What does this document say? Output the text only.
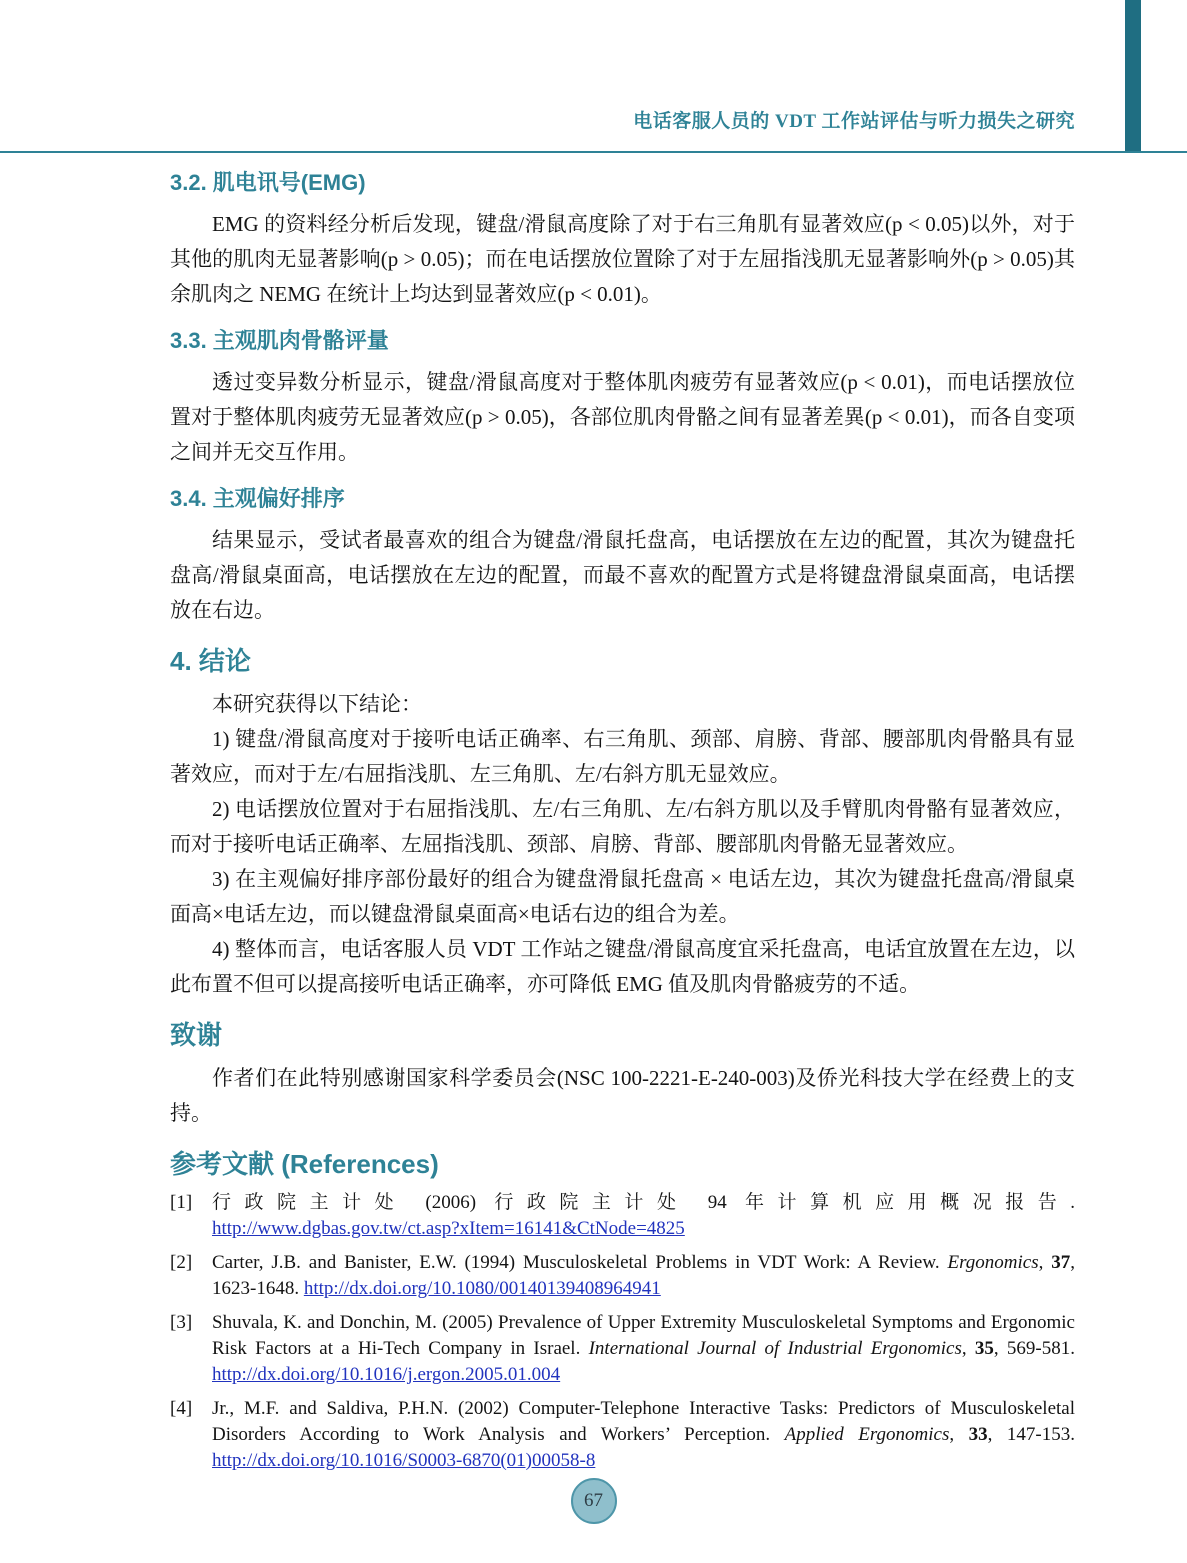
电话客服人员的 VDT 工作站评估与听力损失之研究
3.2. 肌电讯号(EMG)

EMG 的资料经分析后发现，键盘/滑鼠高度除了对于右三角肌有显著效应(p < 0.05)以外，对于其他的肌肉无显著影响(p > 0.05)；而在电话摆放位置除了对于左屈指浅肌无显著影响外(p > 0.05)其余肌肉之 NEMG 在统计上均达到显著效应(p < 0.01)。

3.3. 主观肌肉骨骼评量

透过变异数分析显示，键盘/滑鼠高度对于整体肌肉疲劳有显著效应(p < 0.01)，而电话摆放位置对于整体肌肉疲劳无显著效应(p > 0.05)，各部位肌肉骨骼之间有显著差異(p < 0.01)，而各自变项之间并无交互作用。

3.4. 主观偏好排序

结果显示，受试者最喜欢的组合为键盘/滑鼠托盘高，电话摆放在左边的配置，其次为键盘托盘高/滑鼠桌面高，电话摆放在左边的配置，而最不喜欢的配置方式是将键盘滑鼠桌面高，电话摆放在右边。

4. 结论

本研究获得以下结论：

1) 键盘/滑鼠高度对于接听电话正确率、右三角肌、颈部、肩膀、背部、腰部肌肉骨骼具有显著效应，而对于左/右屈指浅肌、左三角肌、左/右斜方肌无显效应。

2) 电话摆放位置对于右屈指浅肌、左/右三角肌、左/右斜方肌以及手臂肌肉骨骼有显著效应，而对于接听电话正确率、左屈指浅肌、颈部、肩膀、背部、腰部肌肉骨骼无显著效应。

3) 在主观偏好排序部份最好的组合为键盘滑鼠托盘高 × 电话左边，其次为键盘托盘高/滑鼠桌面高×电话左边，而以键盘滑鼠桌面高×电话右边的组合为差。

4) 整体而言，电话客服人员 VDT 工作站之键盘/滑鼠高度宜采托盘高，电话宜放置在左边，以此布置不但可以提高接听电话正确率，亦可降低 EMG 值及肌肉骨骼疲劳的不适。

致谢

作者们在此特别感谢国家科学委员会(NSC 100-2221-E-240-003)及侨光科技大学在经费上的支持。

参考文献 (References)
[1] 行政院主计处 (2006) 行政院主计处 94 年计算机应用概况报告. http://www.dgbas.gov.tw/ct.asp?xItem=16141&CtNode=4825
[2] Carter, J.B. and Banister, E.W. (1994) Musculoskeletal Problems in VDT Work: A Review. Ergonomics, 37, 1623-1648. http://dx.doi.org/10.1080/00140139408964941
[3] Shuvala, K. and Donchin, M. (2005) Prevalence of Upper Extremity Musculoskeletal Symptoms and Ergonomic Risk Factors at a Hi-Tech Company in Israel. International Journal of Industrial Ergonomics, 35, 569-581. http://dx.doi.org/10.1016/j.ergon.2005.01.004
[4] Jr., M.F. and Saldiva, P.H.N. (2002) Computer-Telephone Interactive Tasks: Predictors of Musculoskeletal Disorders According to Work Analysis and Workers’ Perception. Applied Ergonomics, 33, 147-153. http://dx.doi.org/10.1016/S0003-6870(01)00058-8
67
